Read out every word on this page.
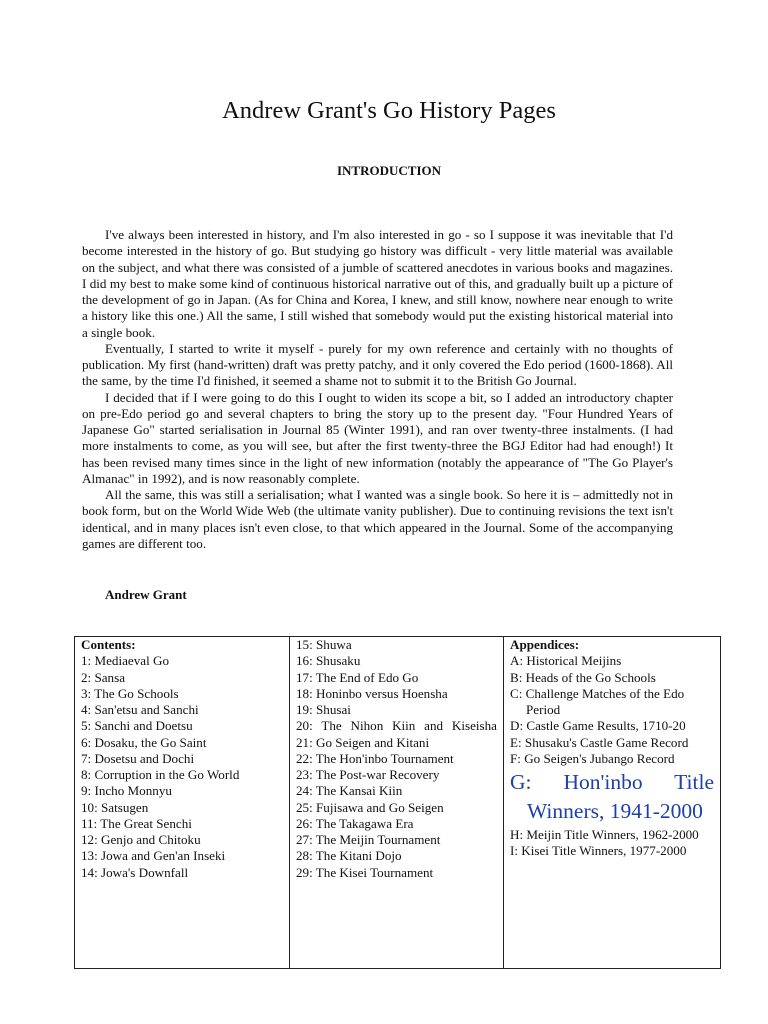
Andrew Grant's Go History Pages
INTRODUCTION

I've always been interested in history, and I'm also interested in go - so I suppose it was inevitable that I'd become interested in the history of go. But studying go history was difficult - very little material was available on the subject, and what there was consisted of a jumble of scattered anecdotes in various books and magazines. I did my best to make some kind of continuous historical narrative out of this, and gradually built up a picture of the development of go in Japan. (As for China and Korea, I knew, and still know, nowhere near enough to write a history like this one.) All the same, I still wished that somebody would put the existing historical material into a single book.

Eventually, I started to write it myself - purely for my own reference and certainly with no thoughts of publication. My first (hand-written) draft was pretty patchy, and it only covered the Edo period (1600-1868). All the same, by the time I'd finished, it seemed a shame not to submit it to the British Go Journal.

I decided that if I were going to do this I ought to widen its scope a bit, so I added an introductory chapter on pre-Edo period go and several chapters to bring the story up to the present day. "Four Hundred Years of Japanese Go" started serialisation in Journal 85 (Winter 1991), and ran over twenty-three instalments. (I had more instalments to come, as you will see, but after the first twenty-three the BGJ Editor had had enough!) It has been revised many times since in the light of new information (notably the appearance of "The Go Player's Almanac" in 1992), and is now reasonably complete.

All the same, this was still a serialisation; what I wanted was a single book. So here it is – admittedly not in book form, but on the World Wide Web (the ultimate vanity publisher). Due to continuing revisions the text isn't identical, and in many places isn't even close, to that which appeared in the Journal. Some of the accompanying games are different too.

Andrew Grant

Contents:
1: Mediaeval Go
2: Sansa
3: The Go Schools
4: San'etsu and Sanchi
5: Sanchi and Doetsu
6: Dosaku, the Go Saint
7: Dosetsu and Dochi
8: Corruption in the Go World
9: Incho Monnyu
10: Satsugen
11: The Great Senchi
12: Genjo and Chitoku
13: Jowa and Gen'an Inseki
14: Jowa's Downfall

15: Shuwa
16: Shusaku
17: The End of Edo Go
18: Honinbo versus Hoensha
19: Shusai
20: The Nihon Kiin and Kiseisha
21: Go Seigen and Kitani
22: The Hon'inbo Tournament
23: The Post-war Recovery
24: The Kansai Kiin
25: Fujisawa and Go Seigen
26: The Takagawa Era
27: The Meijin Tournament
28: The Kitani Dojo
29: The Kisei Tournament

Appendices:
A: Historical Meijins
B: Heads of the Go Schools
C: Challenge Matches of the Edo Period
D: Castle Game Results, 1710-20
E: Shusaku's Castle Game Record
F: Go Seigen's Jubango Record
G: Hon'inbo Title Winners, 1941-2000
H: Meijin Title Winners, 1962-2000
I: Kisei Title Winners, 1977-2000
